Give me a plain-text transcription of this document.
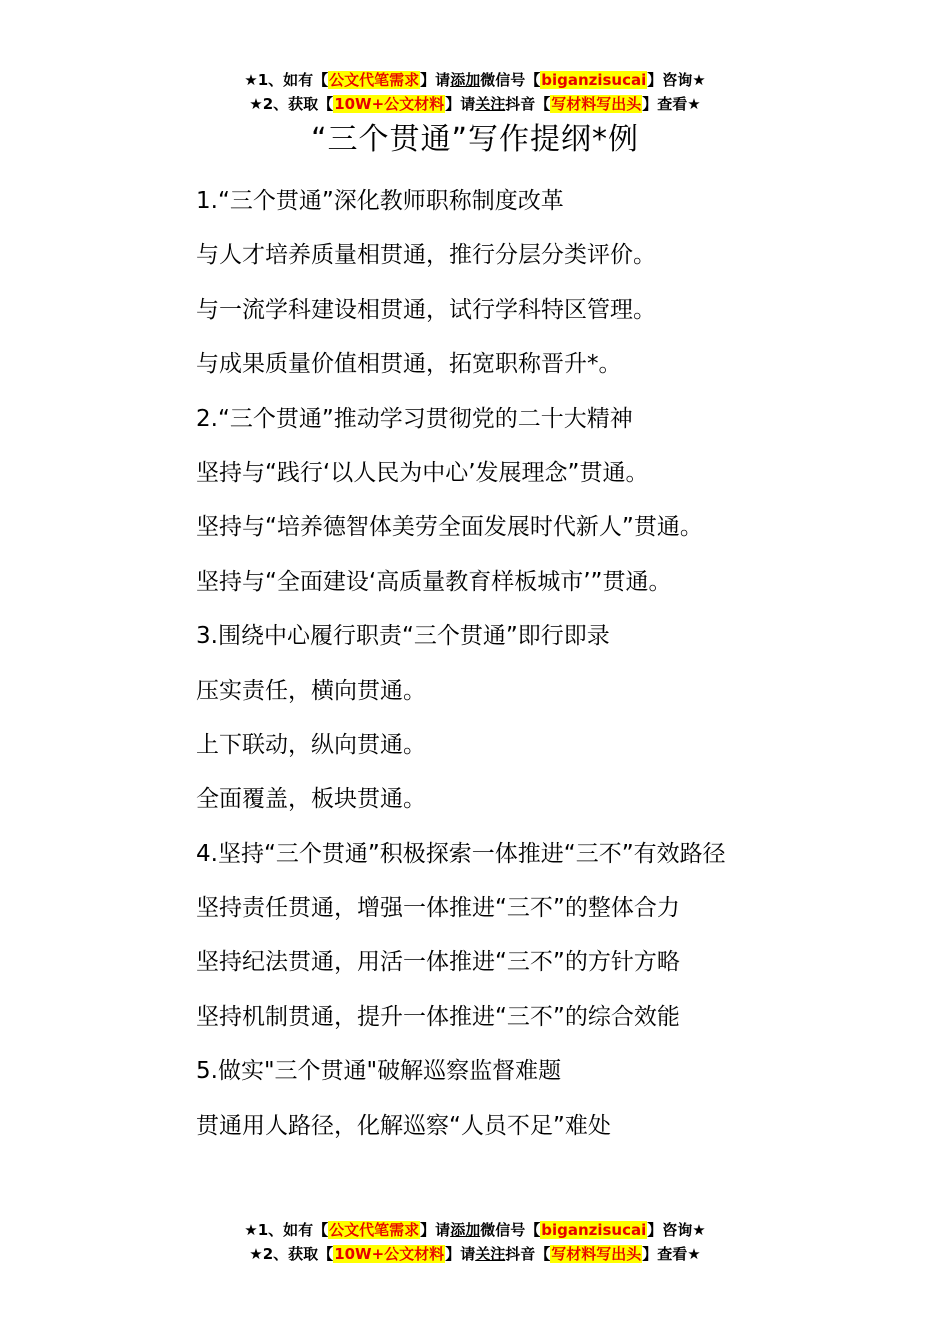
★1、如有【公文代笔需求】请添加微信号【biganzisucai】咨询★
★2、获取【10W+公文材料】请关注抖音【写材料写出头】查看★
“三个贯通”写作提纲*例

1.“三个贯通”深化教师职称制度改革

与人才培养质量相贯通，推行分层分类评价。

与一流学科建设相贯通，试行学科特区管理。

与成果质量价值相贯通，拓宽职称晋升*。

2.“三个贯通”推动学习贯彻党的二十大精神

坚持与“践行‘以人民为中心’发展理念”贯通。

坚持与“培养德智体美劳全面发展时代新人”贯通。

坚持与“全面建设‘高质量教育样板城市’”贯通。

3.围绕中心履行职责“三个贯通”即行即录

压实责任，横向贯通。

上下联动，纵向贯通。

全面覆盖，板块贯通。

4.坚持“三个贯通”积极探索一体推进“三不”有效路径

坚持责任贯通，增强一体推进“三不”的整体合力

坚持纪法贯通，用活一体推进“三不”的方针方略

坚持机制贯通，提升一体推进“三不”的综合效能

5.做实"三个贯通"破解巡察监督难题

贯通用人路径，化解巡察“人员不足”难处

★1、如有【公文代笔需求】请添加微信号【biganzisucai】咨询★
★2、获取【10W+公文材料】请关注抖音【写材料写出头】查看★
